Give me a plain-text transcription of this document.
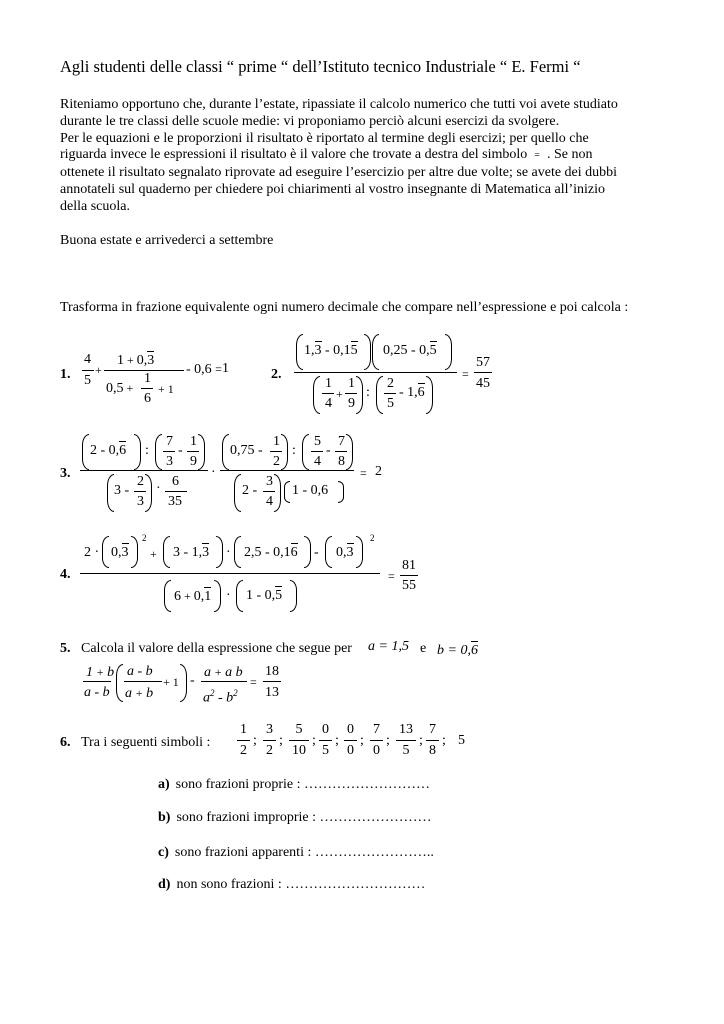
Agli studenti delle classi “ prime “ dell’Istituto tecnico Industriale “ E. Fermi “

Riteniamo opportuno che, durante l’estate, ripassiate il calcolo numerico che tutti voi avete studiato

durante le tre classi delle scuole medie: vi proponiamo perciò alcuni esercizi da svolgere.

Per le equazioni e le proporzioni il risultato è riportato al termine degli esercizi; per quello che

riguarda invece le espressioni il risultato è il valore che trovate a destra del simbolo = . Se non

ottenete il risultato segnalato riprovate ad eseguire l’esercizio per altre due volte; se avete dei dubbi

annotateli sul quaderno per chiedere poi chiarimenti al vostro insegnante di Matematica all’inizio

della scuola.

Buona estate e arrivederci a settembre
Trasforma in frazione equivalente ogni numero decimale che compare nell’espressione e poi calcola :
1.
4
5
+
1 + 0,3
0,5 +
1
6
+ 1
- 0,6 = 1	2.
1,3 - 0,15 0,25 - 0,5
1
4
+
1
9
:
2
5
- 1,6
=
57
45
3.
2 - 0,6 :
7
3
-
1
9
3 -
2
3
· 6
35
·
0,75 -
1
2
:
5
4
-
7
8
2 -
3
4
1 - 0,6
= 2
4.
2 · 0,3
2
+ 3 - 1,3 · 2,5 - 0,16 - 0,3
2
6 + 0,1 · 1 - 0,5
=
81
55
5. Calcola il valore della espressione che segue per a = 1,5 e b = 0,6
1 + b
a - b
a - b
a + b
+ 1 -
a + a b
$a^2 - b^2$
=
18
13
6. Tra i seguenti simboli :
1
2
;
3
2
;
5
10
;
0
5
;
0
0
;
7
0
;
13
5
;
7
8
; 5
a) sono frazioni proprie : ………………………
b) sono frazioni improprie : ……………………
c) sono frazioni apparenti : ……………………..
d) non sono frazioni : …………………………
